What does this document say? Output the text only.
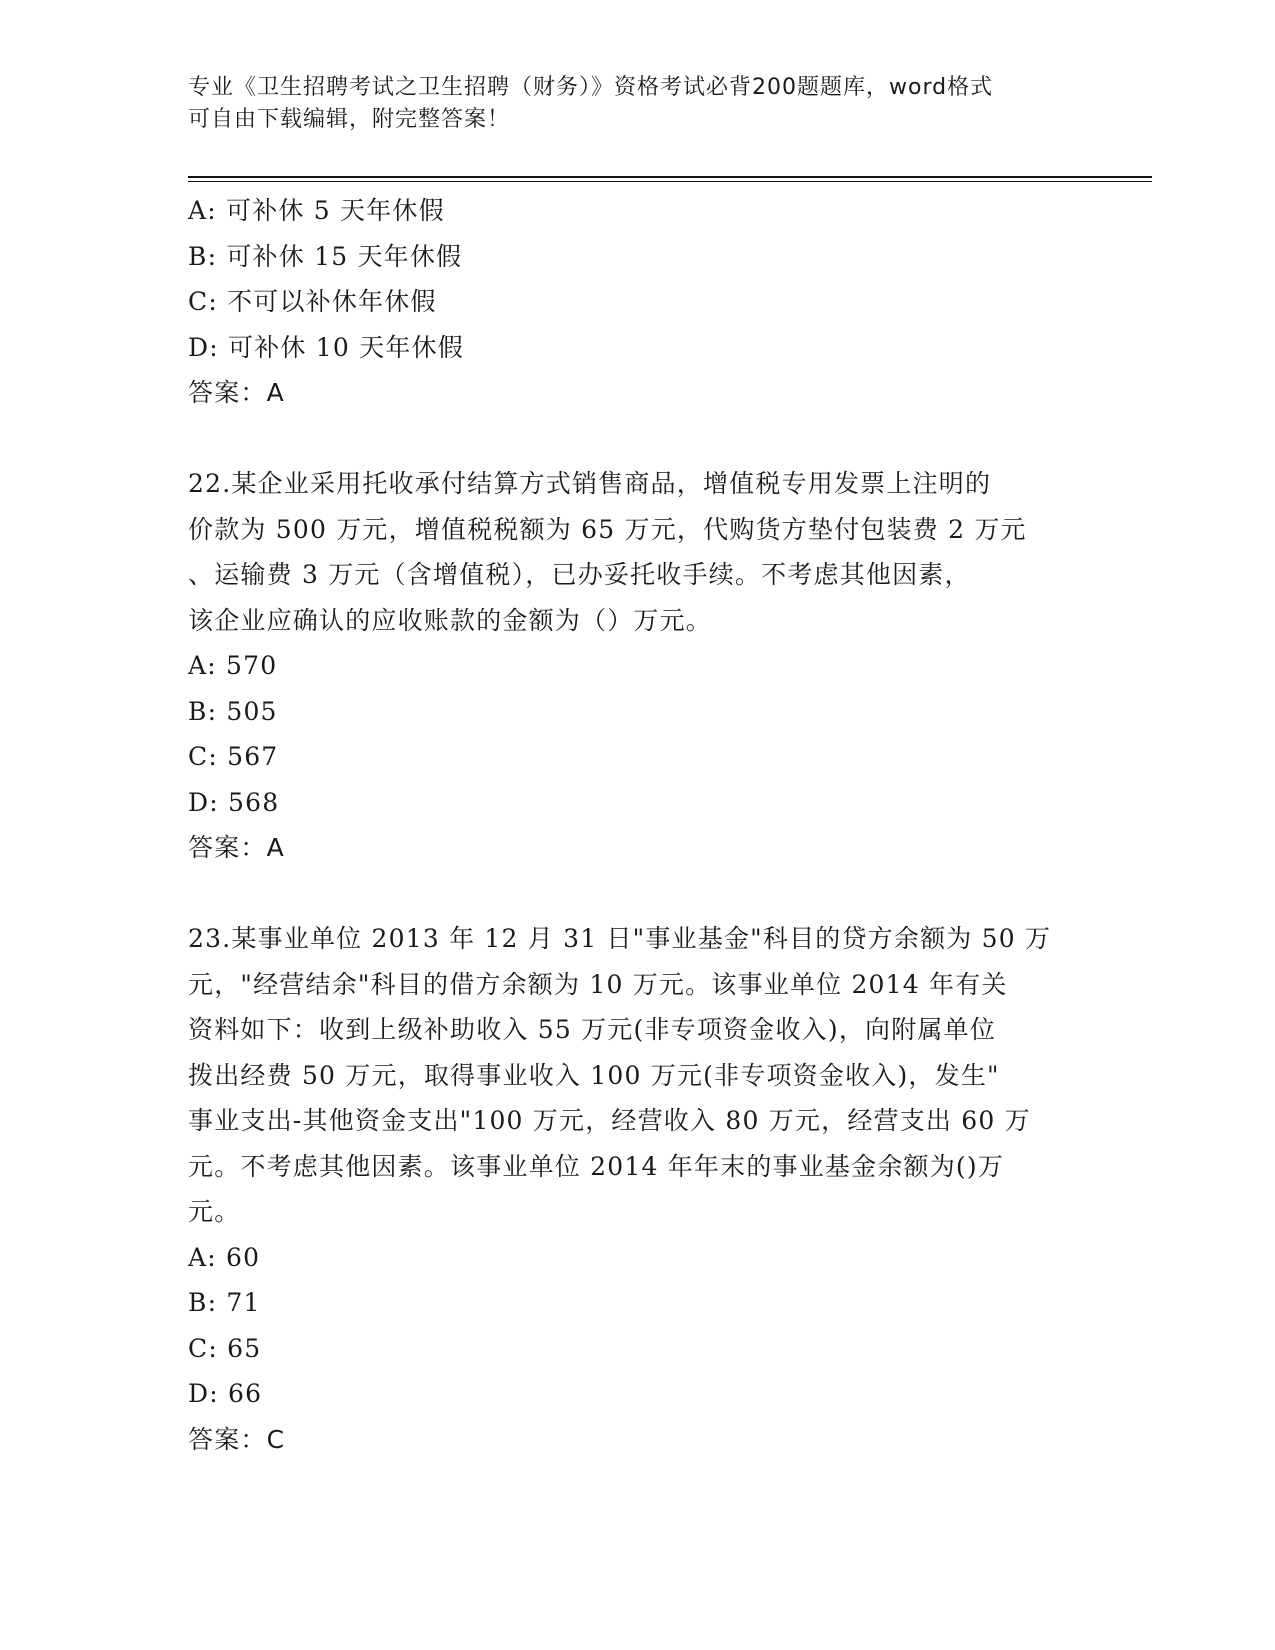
专业《卫生招聘考试之卫生招聘（财务）》资格考试必背200题题库，word格式
可自由下载编辑，附完整答案！
A: 可补休 5 天年休假
B: 可补休 15 天年休假
C: 不可以补休年休假
D: 可补休 10 天年休假
答案：A
22.某企业采用托收承付结算方式销售商品，增值税专用发票上注明的
价款为 500 万元，增值税税额为 65 万元，代购货方垫付包装费 2 万元
、运输费 3 万元（含增值税），已办妥托收手续。不考虑其他因素，
该企业应确认的应收账款的金额为（）万元。
A: 570
B: 505
C: 567
D: 568
答案：A
23.某事业单位 2013 年 12 月 31 日"事业基金"科目的贷方余额为 50 万
元，"经营结余"科目的借方余额为 10 万元。该事业单位 2014 年有关
资料如下：收到上级补助收入 55 万元(非专项资金收入)，向附属单位
拨出经费 50 万元，取得事业收入 100 万元(非专项资金收入)，发生"
事业支出-其他资金支出"100 万元，经营收入 80 万元，经营支出 60 万
元。不考虑其他因素。该事业单位 2014 年年末的事业基金余额为()万
元。
A: 60
B: 71
C: 65
D: 66
答案：C
